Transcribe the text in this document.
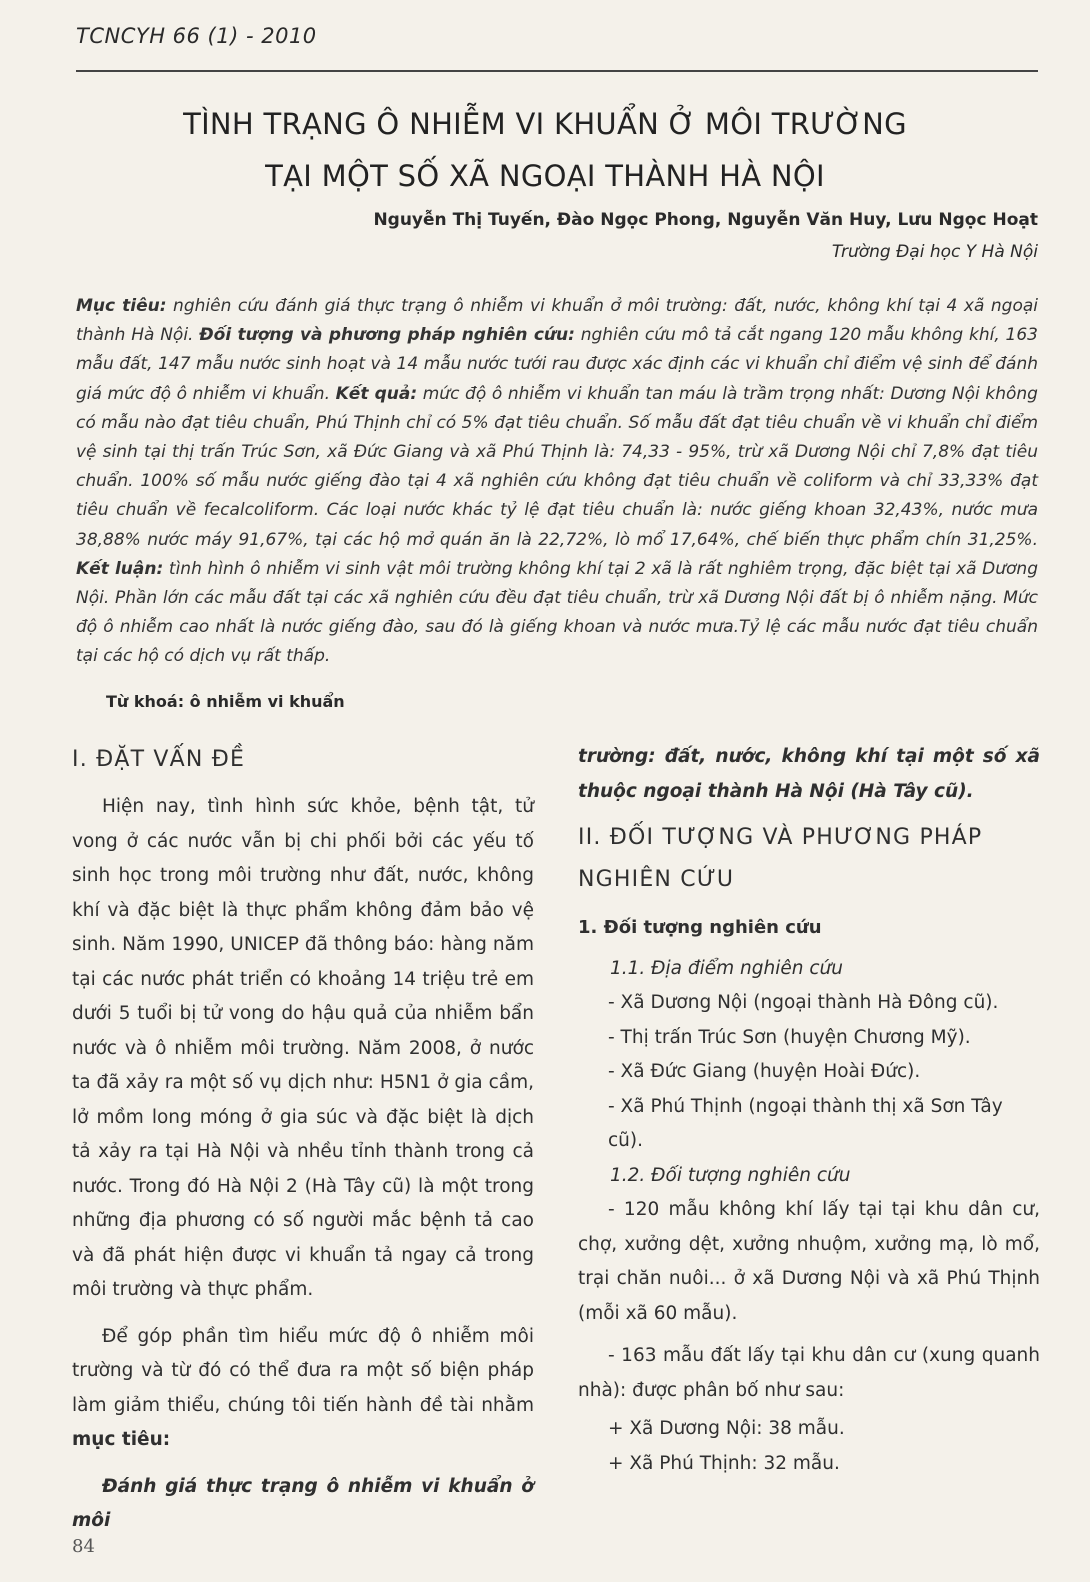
TCNCYH 66 (1) - 2010
TÌNH TRẠNG Ô NHIỄM VI KHUẨN Ở MÔI TRƯỜNG
TẠI MỘT SỐ XÃ NGOẠI THÀNH HÀ NỘI
Nguyễn Thị Tuyến, Đào Ngọc Phong, Nguyễn Văn Huy, Lưu Ngọc Hoạt
Trường Đại học Y Hà Nội
Mục tiêu: nghiên cứu đánh giá thực trạng ô nhiễm vi khuẩn ở môi trường: đất, nước, không khí tại 4 xã ngoại thành Hà Nội. Đối tượng và phương pháp nghiên cứu: nghiên cứu mô tả cắt ngang 120 mẫu không khí, 163 mẫu đất, 147 mẫu nước sinh hoạt và 14 mẫu nước tưới rau được xác định các vi khuẩn chỉ điểm vệ sinh để đánh giá mức độ ô nhiễm vi khuẩn. Kết quả: mức độ ô nhiễm vi khuẩn tan máu là trầm trọng nhất: Dương Nội không có mẫu nào đạt tiêu chuẩn, Phú Thịnh chỉ có 5% đạt tiêu chuẩn. Số mẫu đất đạt tiêu chuẩn về vi khuẩn chỉ điểm vệ sinh tại thị trấn Trúc Sơn, xã Đức Giang và xã Phú Thịnh là: 74,33 - 95%, trừ xã Dương Nội chỉ 7,8% đạt tiêu chuẩn. 100% số mẫu nước giếng đào tại 4 xã nghiên cứu không đạt tiêu chuẩn về coliform và chỉ 33,33% đạt tiêu chuẩn về fecalcoliform. Các loại nước khác tỷ lệ đạt tiêu chuẩn là: nước giếng khoan 32,43%, nước mưa 38,88% nước máy 91,67%, tại các hộ mở quán ăn là 22,72%, lò mổ 17,64%, chế biến thực phẩm chín 31,25%. Kết luận: tình hình ô nhiễm vi sinh vật môi trường không khí tại 2 xã là rất nghiêm trọng, đặc biệt tại xã Dương Nội. Phần lớn các mẫu đất tại các xã nghiên cứu đều đạt tiêu chuẩn, trừ xã Dương Nội đất bị ô nhiễm nặng. Mức độ ô nhiễm cao nhất là nước giếng đào, sau đó là giếng khoan và nước mưa.Tỷ lệ các mẫu nước đạt tiêu chuẩn tại các hộ có dịch vụ rất thấp.
Từ khoá: ô nhiễm vi khuẩn
I. ĐẶT VẤN ĐỀ

Hiện nay, tình hình sức khỏe, bệnh tật, tử vong ở các nước vẫn bị chi phối bởi các yếu tố sinh học trong môi trường như đất, nước, không khí và đặc biệt là thực phẩm không đảm bảo vệ sinh. Năm 1990, UNICEP đã thông báo: hàng năm tại các nước phát triển có khoảng 14 triệu trẻ em dưới 5 tuổi bị tử vong do hậu quả của nhiễm bẩn nước và ô nhiễm môi trường. Năm 2008, ở nước ta đã xảy ra một số vụ dịch như: H5N1 ở gia cầm, lở mồm long móng ở gia súc và đặc biệt là dịch tả xảy ra tại Hà Nội và nhều tỉnh thành trong cả nước. Trong đó Hà Nội 2 (Hà Tây cũ) là một trong những địa phương có số người mắc bệnh tả cao và đã phát hiện được vi khuẩn tả ngay cả trong môi trường và thực phẩm.

Để góp phần tìm hiểu mức độ ô nhiễm môi trường và từ đó có thể đưa ra một số biện pháp làm giảm thiểu, chúng tôi tiến hành đề tài nhằm mục tiêu:

Đánh giá thực trạng ô nhiễm vi khuẩn ở môi

trường: đất, nước, không khí tại một số xã thuộc ngoại thành Hà Nội (Hà Tây cũ).
II. ĐỐI TƯỢNG VÀ PHƯƠNG PHÁP NGHIÊN CỨU
1. Đối tượng nghiên cứu
1.1. Địa điểm nghiên cứu
- Xã Dương Nội (ngoại thành Hà Đông cũ).
- Thị trấn Trúc Sơn (huyện Chương Mỹ).
- Xã Đức Giang (huyện Hoài Đức).
- Xã Phú Thịnh (ngoại thành thị xã Sơn Tây cũ).
1.2. Đối tượng nghiên cứu

- 120 mẫu không khí lấy tại tại khu dân cư, chợ, xưởng dệt, xưởng nhuộm, xưởng mạ, lò mổ, trại chăn nuôi... ở xã Dương Nội và xã Phú Thịnh (mỗi xã 60 mẫu).

- 163 mẫu đất lấy tại khu dân cư (xung quanh nhà): được phân bố như sau:

+ Xã Dương Nội: 38 mẫu.
+ Xã Phú Thịnh: 32 mẫu.
84
